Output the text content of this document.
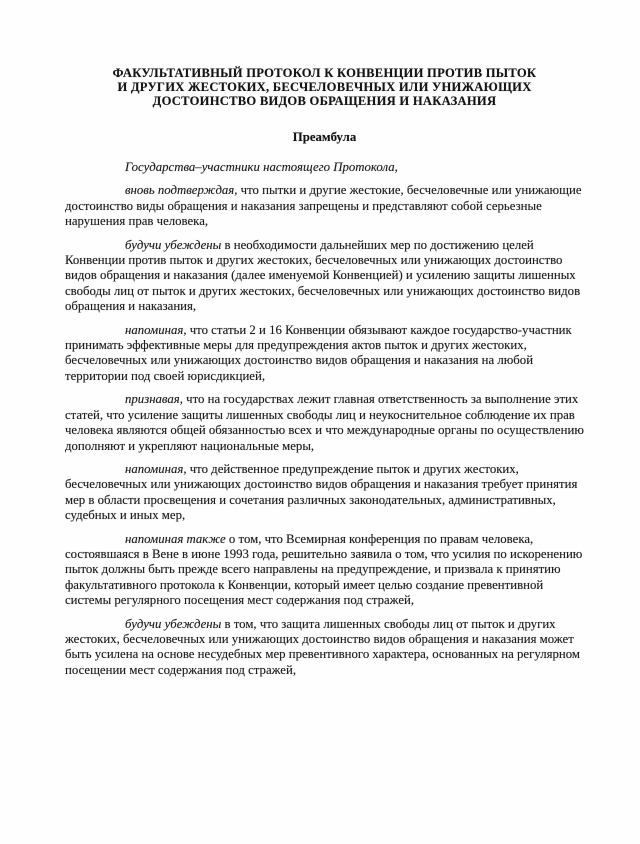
ФАКУЛЬТАТИВНЫЙ ПРОТОКОЛ К КОНВЕНЦИИ ПРОТИВ ПЫТОК
И ДРУГИХ ЖЕСТОКИХ, БЕСЧЕЛОВЕЧНЫХ ИЛИ УНИЖАЮЩИХ
ДОСТОИНСТВО ВИДОВ ОБРАЩЕНИЯ И НАКАЗАНИЯ
Преамбула

Государства–участники настоящего Протокола,

вновь подтверждая, что пытки и другие жестокие, бесчеловечные или унижающие достоинство виды обращения и наказания запрещены и представляют собой серьезные нарушения прав человека,

будучи убеждены в необходимости дальнейших мер по достижению целей Конвенции против пыток и других жестоких, бесчеловечных или унижающих достоинство видов обращения и наказания (далее именуемой Конвенцией) и усилению защиты лишенных свободы лиц от пыток и других жестоких, бесчеловечных или унижающих достоинство видов обращения и наказания,

напоминая, что статьи 2 и 16 Конвенции обязывают каждое государство-участник принимать эффективные меры для предупреждения актов пыток и других жестоких, бесчеловечных или унижающих достоинство видов обращения и наказания на любой территории под своей юрисдикцией,

признавая, что на государствах лежит главная ответственность за выполнение этих статей, что усиление защиты лишенных свободы лиц и неукоснительное соблюдение их прав человека являются общей обязанностью всех и что международные органы по осуществлению дополняют и укрепляют национальные меры,

напоминая, что действенное предупреждение пыток и других жестоких, бесчеловечных или унижающих достоинство видов обращения и наказания требует принятия мер в области просвещения и сочетания различных законодательных, административных, судебных и иных мер,

напоминая также о том, что Всемирная конференция по правам человека, состоявшаяся в Вене в июне 1993 года, решительно заявила о том, что усилия по искоренению пыток должны быть прежде всего направлены на предупреждение, и призвала к принятию факультативного протокола к Конвенции, который имеет целью создание превентивной системы регулярного посещения мест содержания под стражей,

будучи убеждены в том, что защита лишенных свободы лиц от пыток и других жестоких, бесчеловечных или унижающих достоинство видов обращения и наказания может быть усилена на основе несудебных мер превентивного характера, основанных на регулярном посещении мест содержания под стражей,
